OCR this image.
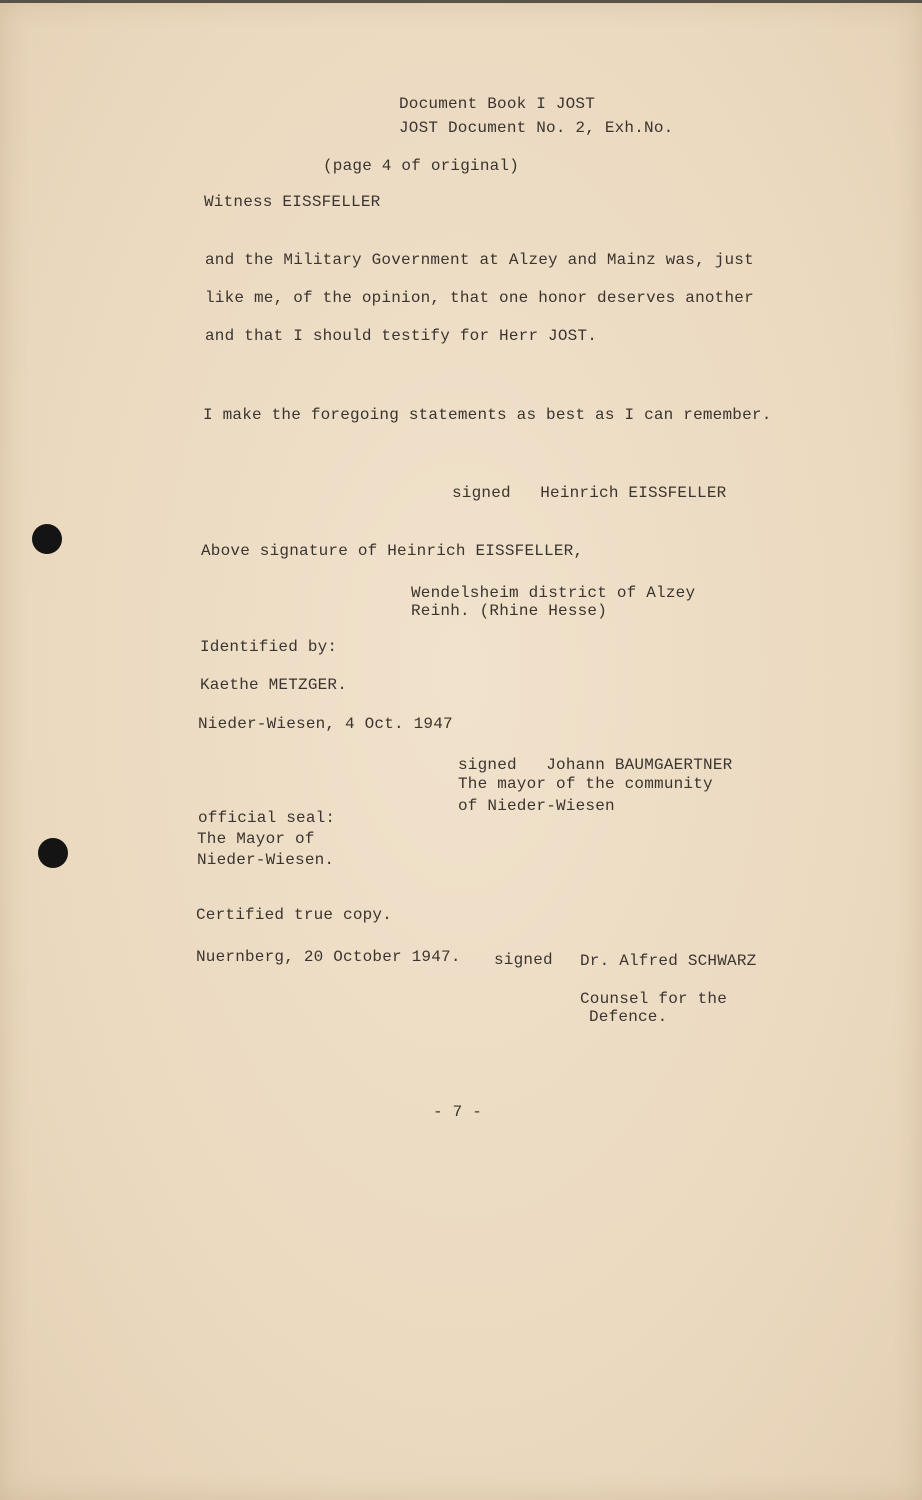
Document Book I JOST
JOST Document No. 2, Exh.No.
(page 4 of original)
Witness EISSFELLER
and the Military Government at Alzey and Mainz was, just
like me, of the opinion, that one honor deserves another
and that I should testify for Herr JOST.
I make the foregoing statements as best as I can remember.
signed   Heinrich EISSFELLER
Above signature of Heinrich EISSFELLER,
Wendelsheim district of Alzey
Reinh. (Rhine Hesse)
Identified by:
Kaethe METZGER.
Nieder-Wiesen, 4 Oct. 1947
signed   Johann BAUMGAERTNER
The mayor of the community
of Nieder-Wiesen
official seal:
The Mayor of
Nieder-Wiesen.
Certified true copy.
Nuernberg, 20 October 1947. signed Dr. Alfred SCHWARZ
Counsel for the
Defence.
- 7 -
